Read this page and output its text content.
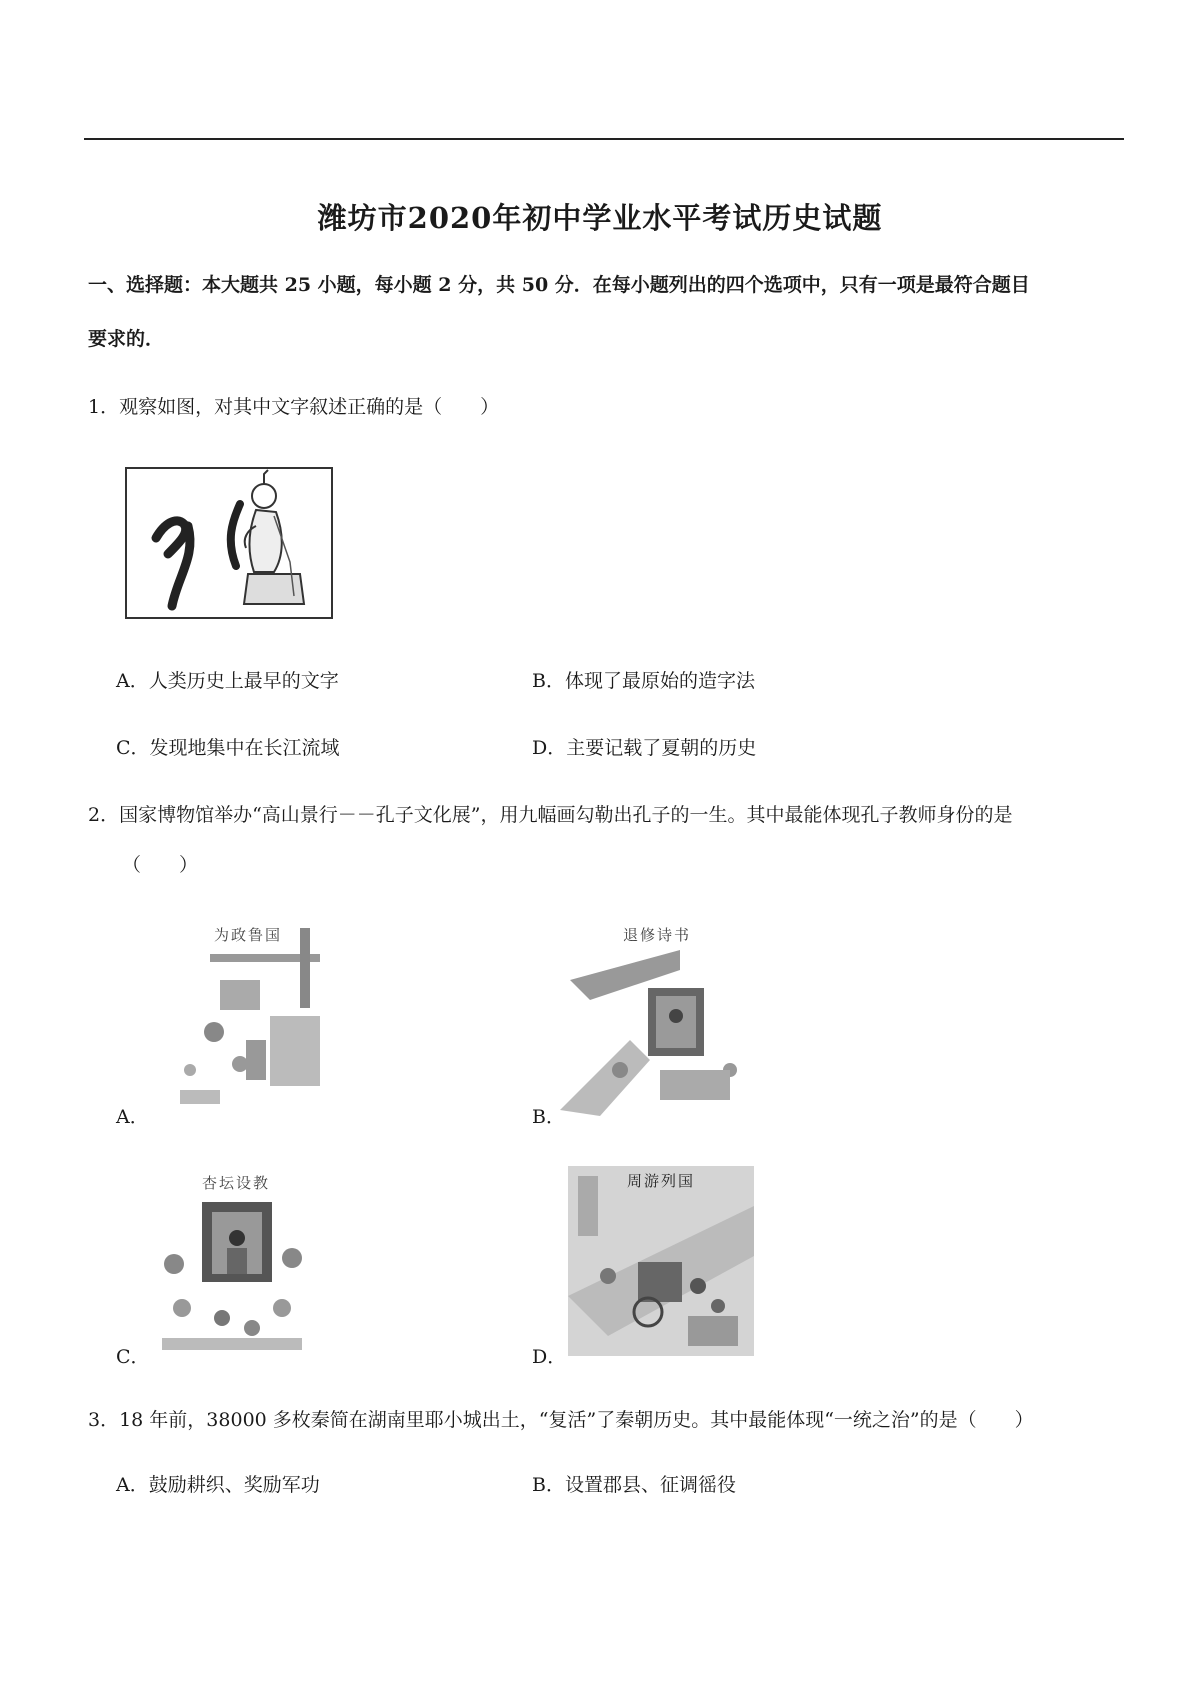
潍坊市2020年初中学业水平考试历史试题
一、选择题：本大题共 25 小题，每小题 2 分，共 50 分．在每小题列出的四个选项中，只有一项是最符合题目
要求的．
1．观察如图，对其中文字叙述正确的是（　　）
A．人类历史上最早的文字	B．体现了最原始的造字法
C．发现地集中在长江流域	D．主要记载了夏朝的历史
2．国家博物馆举办“高山景行－－孔子文化展”，用九幅画勾勒出孔子的一生。其中最能体现孔子教师身份的是
（　　）
为政鲁国
A．
退修诗书
B．
杏坛设教
C．
周游列国
D．
3．18 年前，38000 多枚秦简在湖南里耶小城出土，“复活”了秦朝历史。其中最能体现“一统之治”的是（　　）
A．鼓励耕织、奖励军功	B．设置郡县、征调徭役
